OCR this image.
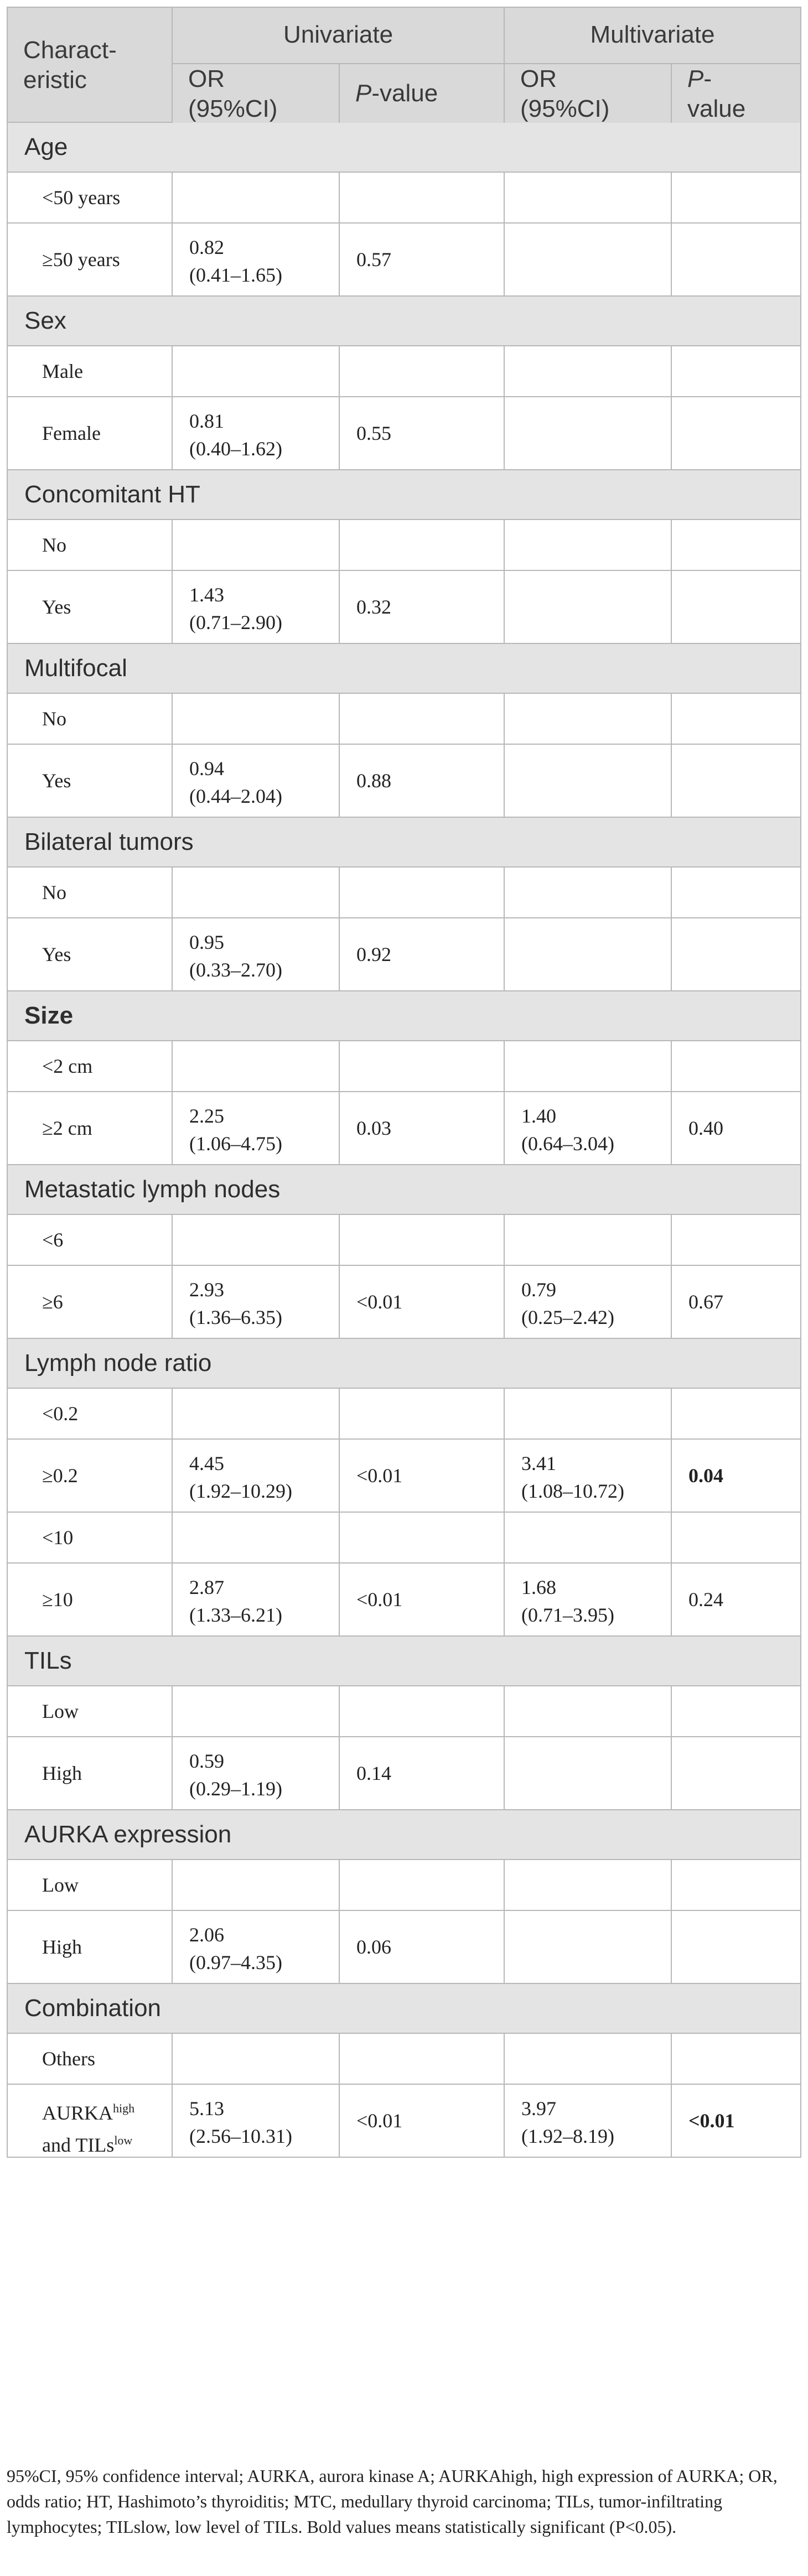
Charact-
eristic
Univariate	Multivariate
OR
(95%CI)
P-value
OR
(95%CI)
P-
value
Age
<50 years
≥50 years
0.82
(0.41–1.65)
0.57
Sex
Male
Female
0.81
(0.40–1.62)
0.55
Concomitant HT
No
Yes
1.43
(0.71–2.90)
0.32
Multifocal
No
Yes
0.94
(0.44–2.04)
0.88
Bilateral tumors
No
Yes
0.95
(0.33–2.70)
0.92
Size
<2 cm
≥2 cm
2.25
(1.06–4.75)
0.03
1.40
(0.64–3.04)
0.40
Metastatic lymph nodes
<6
≥6
2.93
(1.36–6.35)
<0.01
0.79
(0.25–2.42)
0.67
Lymph node ratio
<0.2
≥0.2
4.45
(1.92–10.29)
<0.01
3.41
(1.08–10.72)
0.04
<10
≥10
2.87
(1.33–6.21)
<0.01
1.68
(0.71–3.95)
0.24
TILs
Low
High
0.59
(0.29–1.19)
0.14
AURKA expression
Low
High
2.06
(0.97–4.35)
0.06
Combination
Others
$AURKA^{high}$
and TILs$^{low}$
5.13
(2.56–10.31)
<0.01
3.97
(1.92–8.19)
<0.01
95%CI, 95% confidence interval; AURKA, aurora kinase A; AURKAhigh, high expression of AURKA; OR, odds ratio; HT, Hashimoto’s thyroiditis; MTC, medullary thyroid carcinoma; TILs, tumor-infiltrating lymphocytes; TILslow, low level of TILs. Bold values means statistically significant (P<0.05).
